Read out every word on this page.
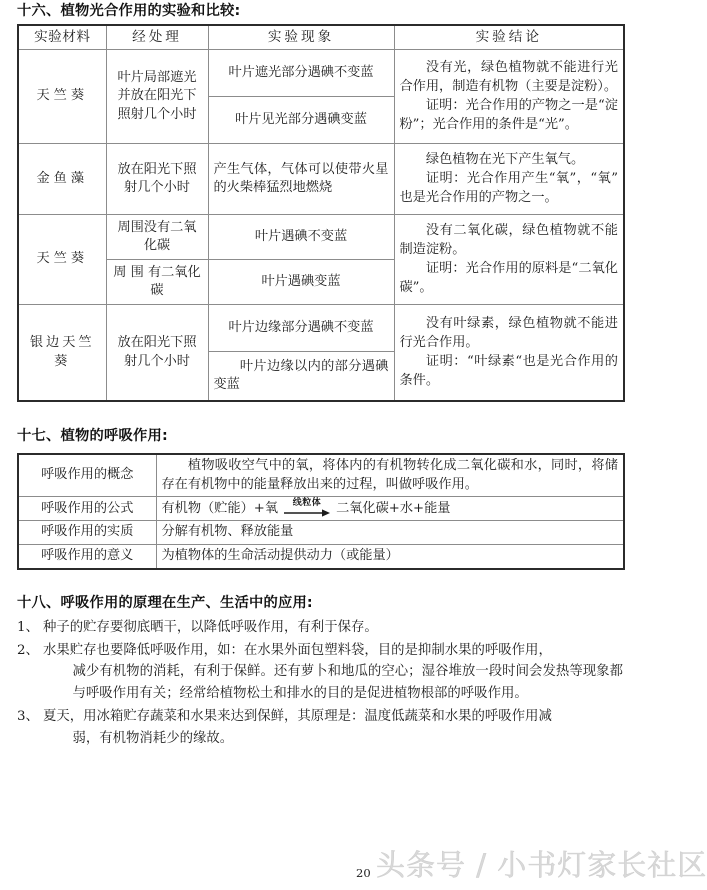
十六、植物光合作用的实验和比较:
实验材料	经处理	实验现象	实验结论
天竺葵	叶片局部遮光并放在阳光下照射几个小时	叶片遮光部分遇碘不变蓝	没有光，绿色植物就不能进行光合作用，制造有机物（主要是淀粉）。

证明：光合作用的产物之一是“淀粉”；光合作用的条件是“光”。

		叶片见光部分遇碘变蓝	
金鱼藻	放在阳光下照射几个小时	产生气体，气体可以使带火星的火柴棒猛烈地燃烧	绿色植物在光下产生氧气。

证明：光合作用产生“氧”，“氧” 也是光合作用的产物之一。

天竺葵	周围没有二氧化碳	叶片遇碘不变蓝	没有二氧化碳，绿色植物就不能制造淀粉。

证明：光合作用的原料是“二氧化碳”。

	周 围 有二氧化碳	叶片遇碘变蓝	
银边天竺葵	放在阳光下照射几个小时	叶片边缘部分遇碘不变蓝	没有叶绿素，绿色植物就不能进行光合作用。

证明：“叶绿素“也是光合作用的条件。

		叶片边缘以内的部分遇碘变蓝	
十七、植物的呼吸作用:
呼吸作用的概念	植物吸收空气中的氧，将体内的有机物转化成二氧化碳和水，同时，将储存在有机物中的能量释放出来的过程，叫做呼吸作用。
呼吸作用的公式	有机物（贮能）+氧 线粒体 二氧化碳+水+能量

呼吸作用的实质	分解有机物、释放能量
呼吸作用的意义	为植物体的生命活动提供动力（或能量）
十八、呼吸作用的原理在生产、生活中的应用:
1、 种子的贮存要彻底晒干，以降低呼吸作用，有利于保存。
2、 水果贮存也要降低呼吸作用，如：在水果外面包塑料袋，目的是抑制水果的呼吸作用，
减少有机物的消耗，有利于保鲜。还有萝卜和地瓜的空心；湿谷堆放一段时间会发热等现象都与呼吸作用有关；经常给植物松土和排水的目的是促进植物根部的呼吸作用。
3、 夏天，用冰箱贮存蔬菜和水果来达到保鲜，其原理是：温度低蔬菜和水果的呼吸作用减
弱，有机物消耗少的缘故。
20 头条号 / 小书灯家长社区
